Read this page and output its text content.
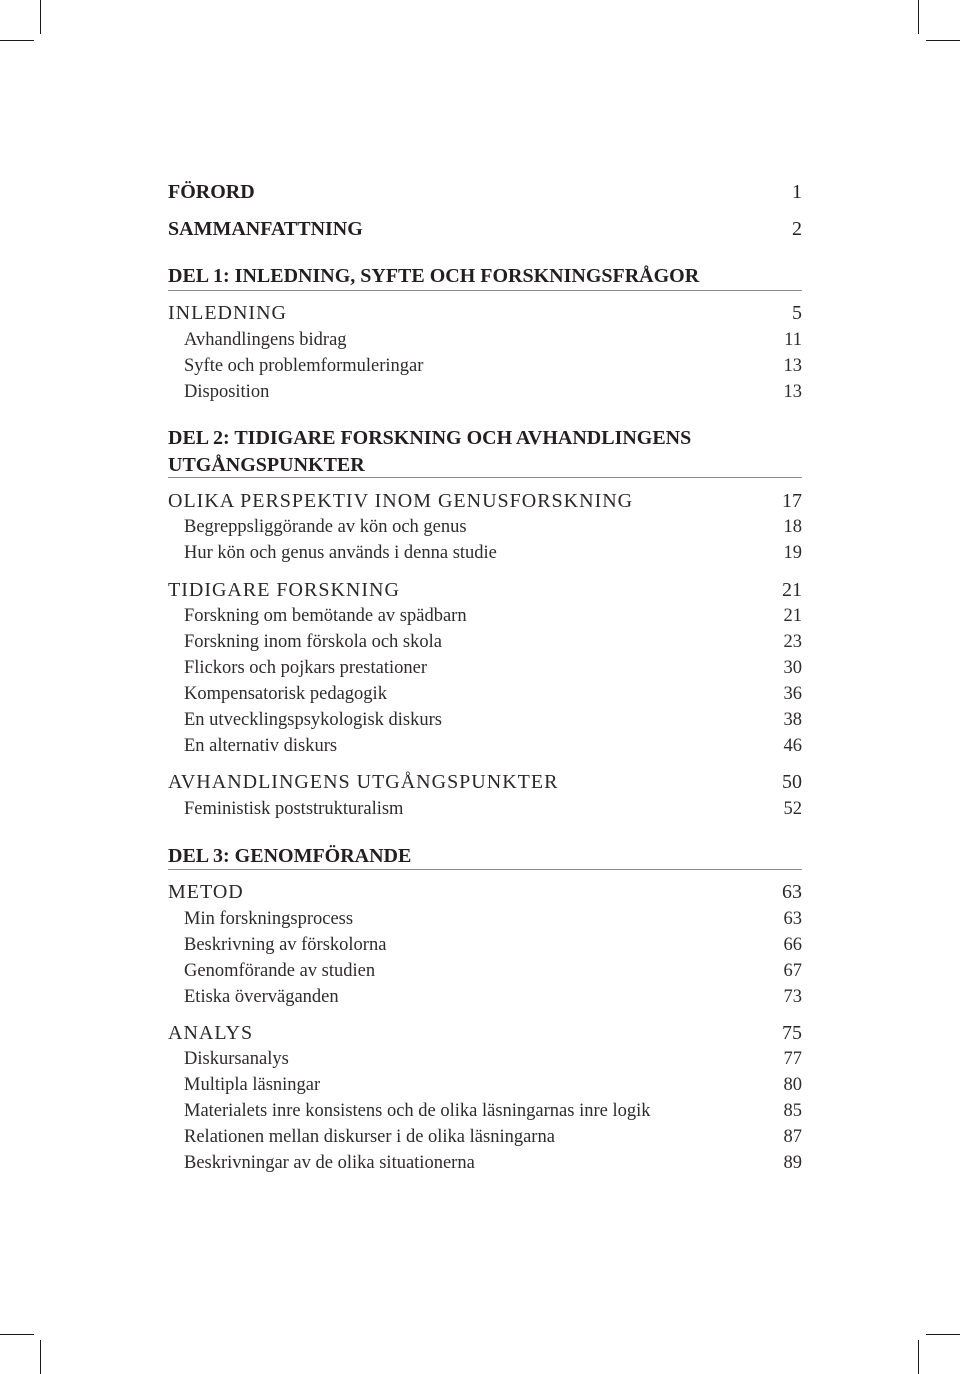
FÖRORD	1
SAMMANFATTNING	2
DEL 1: INLEDNING, SYFTE OCH FORSKNINGSFRÅGOR
INLEDNING	5
Avhandlingens bidrag	11
Syfte och problemformuleringar	13
Disposition	13
DEL 2: TIDIGARE FORSKNING OCH AVHANDLINGENS
UTGÅNGSPUNKTER
OLIKA PERSPEKTIV INOM GENUSFORSKNING	17
Begreppsliggörande av kön och genus	18
Hur kön och genus används i denna studie	19
TIDIGARE FORSKNING	21
Forskning om bemötande av spädbarn	21
Forskning inom förskola och skola	23
Flickors och pojkars prestationer	30
Kompensatorisk pedagogik	36
En utvecklingspsykologisk diskurs	38
En alternativ diskurs	46
AVHANDLINGENS UTGÅNGSPUNKTER	50
Feministisk poststrukturalism	52
DEL 3: GENOMFÖRANDE
METOD	63
Min forskningsprocess	63
Beskrivning av förskolorna	66
Genomförande av studien	67
Etiska överväganden	73
ANALYS	75
Diskursanalys	77
Multipla läsningar	80
Materialets inre konsistens och de olika läsningarnas inre logik	85
Relationen mellan diskurser i de olika läsningarna	87
Beskrivningar av de olika situationerna	89
